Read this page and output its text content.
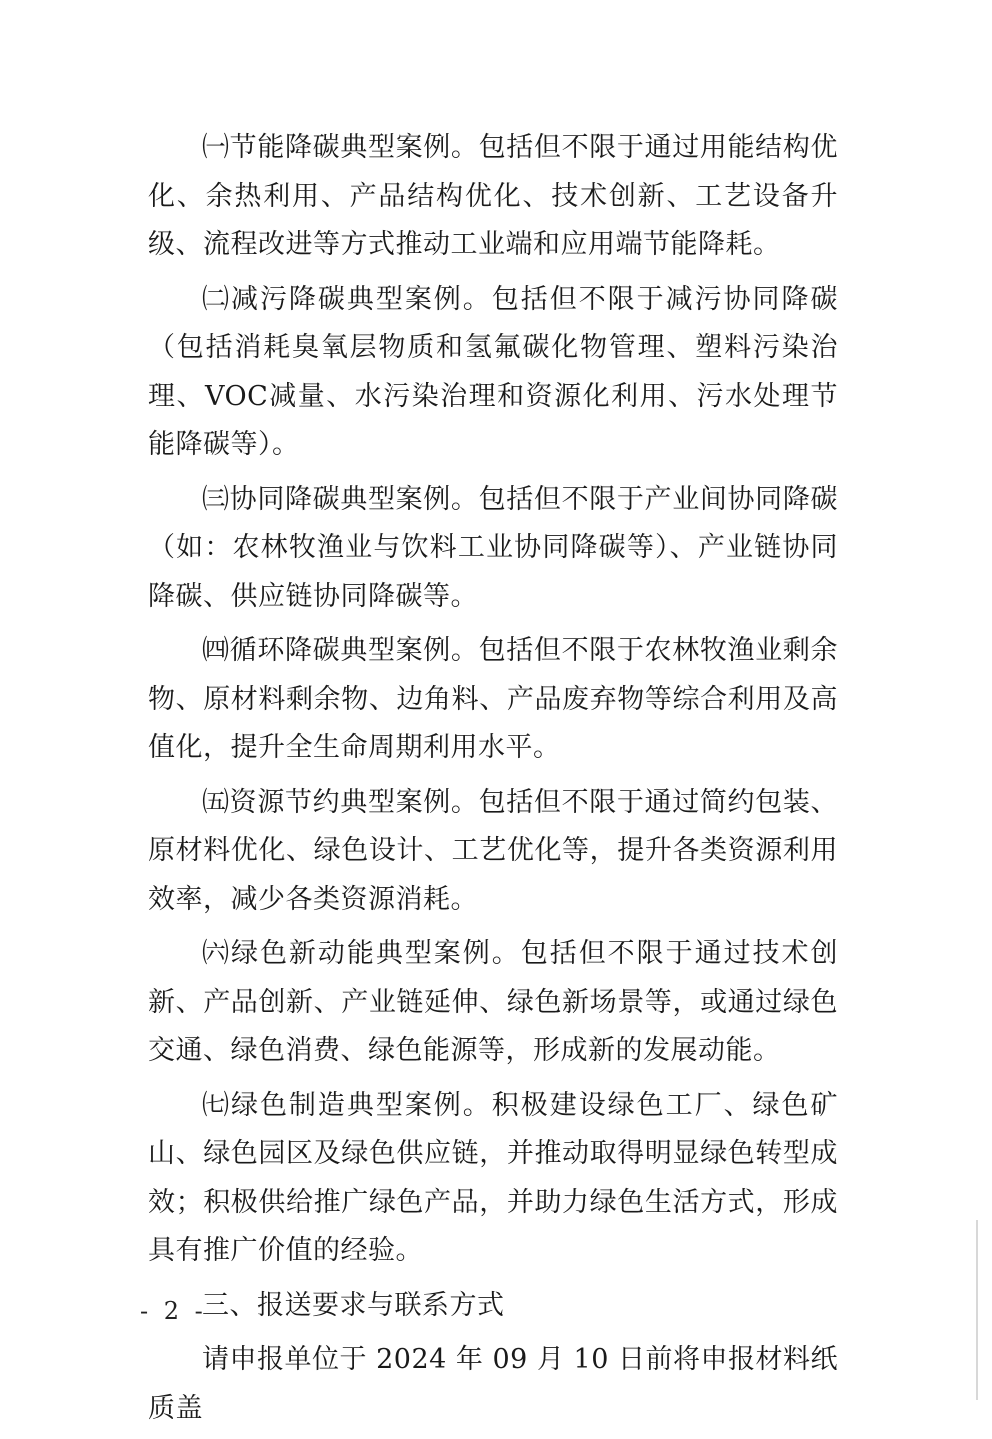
㈠节能降碳典型案例。包括但不限于通过用能结构优化、余热利用、产品结构优化、技术创新、工艺设备升级、流程改进等方式推动工业端和应用端节能降耗。

㈡减污降碳典型案例。包括但不限于减污协同降碳（包括消耗臭氧层物质和氢氟碳化物管理、塑料污染治理、VOC减量、水污染治理和资源化利用、污水处理节能降碳等）。

㈢协同降碳典型案例。包括但不限于产业间协同降碳（如：农林牧渔业与饮料工业协同降碳等）、产业链协同降碳、供应链协同降碳等。

㈣循环降碳典型案例。包括但不限于农林牧渔业剩余物、原材料剩余物、边角料、产品废弃物等综合利用及高值化，提升全生命周期利用水平。

㈤资源节约典型案例。包括但不限于通过简约包装、原材料优化、绿色设计、工艺优化等，提升各类资源利用效率，减少各类资源消耗。

㈥绿色新动能典型案例。包括但不限于通过技术创新、产品创新、产业链延伸、绿色新场景等，或通过绿色交通、绿色消费、绿色能源等，形成新的发展动能。

㈦绿色制造典型案例。积极建设绿色工厂、绿色矿山、绿色园区及绿色供应链，并推动取得明显绿色转型成效；积极供给推广绿色产品，并助力绿色生活方式，形成具有推广价值的经验。

三、报送要求与联系方式

请申报单位于 2024 年 09 月 10 日前将申报材料纸质盖

- 2 -
